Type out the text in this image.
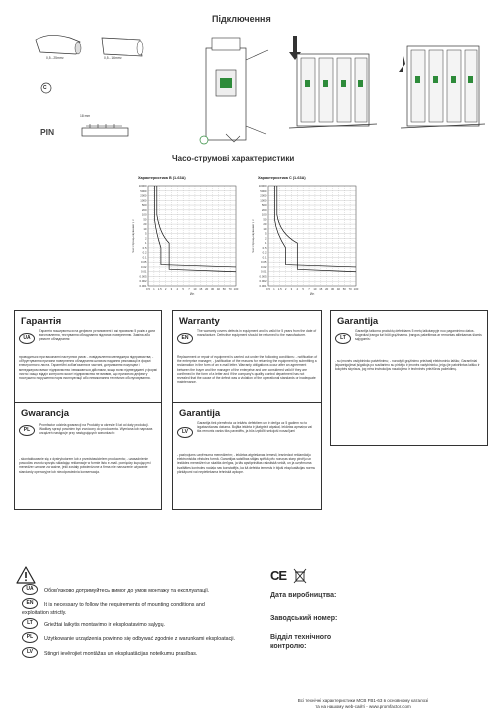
Підключення
0,5...25mm²	0,5...16mm²
C
PIN
18 mm
Часо-струмові характеристики
Характеристика B (1-63A)	Характеристика C (1-63A)
10000
5000
2000
1000
500
200
100
50
20
10
5
2
1
0.5
0.2
0.1
0.05
0.02
0.01
0.005
0.002
0.001
0.5 1 1.5 2 3 4 5 7 10 15 20 30 40 50 70 100
Час спрацьовування t, с
I/In
10000
5000
2000
1000
500
200
100
50
20
10
5
2
1
0.5
0.2
0.1
0.05
0.02
0.01
0.005
0.002
0.001
0.5 1 1.5 2 3 4 5 7 10 15 20 30 40 50 70 100
Час спрацьовування t, с
I/In
Гарантія
UA
Гарантія поширюється на дефекти установлені і які проявили 5 років з дати виготовлення, тестування обладнання підлягає поверненню. Заміна або ремонт обладнання
проводиться при виконанні наступних умов: - повідомлення менеджера підприємства; - обґрунтування причини повернення обладнання шляхом надання рекламації в формі електронного листа. Гарантійні зобов'язання в частині, дотримання покупцем і менеджером вимог підприємства і вважаються дійсними, якщо вони підтверджені у формі листа і якщо відділ контролю якості підприємства не виявив, що причиною дефекту послужило порушення норм експлуатації або невиконання технічних обслуговування.
Warranty
EN
The warranty covers defects in equipment and is valid for 5 years from the date of manufacture. Defective equipment should be returned to the manufacturer.
Replacement or repair of equipment is carried out under the following conditions: - notification of the enterprise manager; - justification of the reasons for returning the equipment by submitting a reclamation in the form of an e-mail letter. Warranty obligations occur after an agreement between the buyer and the manager of the enterprise and are considered valid if they are confirmed in the form of a letter and if the company's quality control department has not revealed that the cause of the defect was a violation of the operational standards or inadequate maintenance.
Garantija
LT
Garantija taikoma produktų defektams 5 metų laikotarpyje nuo pagaminimo datos. Sugedusi įranga turi būti grąžinama. Įrangos pakeitimas ar remontas atliekamas šiomis sąlygomis:
- su įmonės vadybininko patvirtinimu; - nurodyti grąžinimo priežastį elektroniniu laišku; Garantiniai įsipareigojimai įsigalioja po susitarimo su pirkėju ir įmonės vadybininku, jeigu jie patvirtintas laišku ir kokybės skyriaus, jog nėra instrukcijos naudojimo ir techninės priežiūros pažeidimų.
Gwarancja
PL
Promfactor udziela gwarancji na Produkty w okresie 5 lat od daty produkcji. Wadliwy sprzęt powinien być zwrócony do producenta. Wymiana lub naprawa urządzeń następuje przy następujących warunkach:
- skontaktowanie się z dystrybutorem lub z przedstawicielem producenta; - uzasadnienie powodów zwrotu sprzętu składając reklamacje w formie listu e-mail. pomiędzy kupującym i menedżer uznane za ważne, jeśli zostały potwierdzone a firma nie naruszenie używanie standardy operacyjne lub nieodpowiednia konserwacja.
Garantija
LV
Garantija tiek piemērota uz iekārtu defektiem un ir derīga uz 5 gadiem no to izgatavošanas datuma. Bojāta iekārta ir jāatgriež atpakaļ. Iekārtas apmaiņa vai tās remonts vanks tiks pavedēts, ja būs izpildīti sekojoši nosacījumi
- paziņojums uzņēmuma menedžerim; - iekārtas atgriešanas iemesli, iesniedzot reklamāciju elektroniskās vēstules formā. Garantijas saistības stājas spēkā pēc noruņas starp pircēju un iestādes menedžeri un skaitās derīgas, ja tās apstiprinātas rakstiskā veidā, un ja uzņēmuma kvalitātes kontroles nodaļa nav konstatējis, ka šā defekta iemesls ir bijuši ekspluatācijas normu pārkāpumi vai nepietiekama tehniskā apkope.
UA Обов'язково дотримуйтесь вимог до умов монтажу та експлуатації.
EN It is necessary to follow the requirements of mounting conditions and exploitation strictly.
LT Griežtai laikytis montavimo ir eksploatavimo sąlygų.
PL Użytkowanie urządzenia powinno się odbywać zgodnie z warunkami eksploatacji.
LV Stingri ievērojiet montāžas un ekspluatācijas noteikumu prasības.
CE
Дата виробництва:
Заводський номер:
Відділ технічного контролю:
Всі технічні характеристики MCB FB1-63 в основному каталозі
та на нашому web-сайті - www.promfactor.com
